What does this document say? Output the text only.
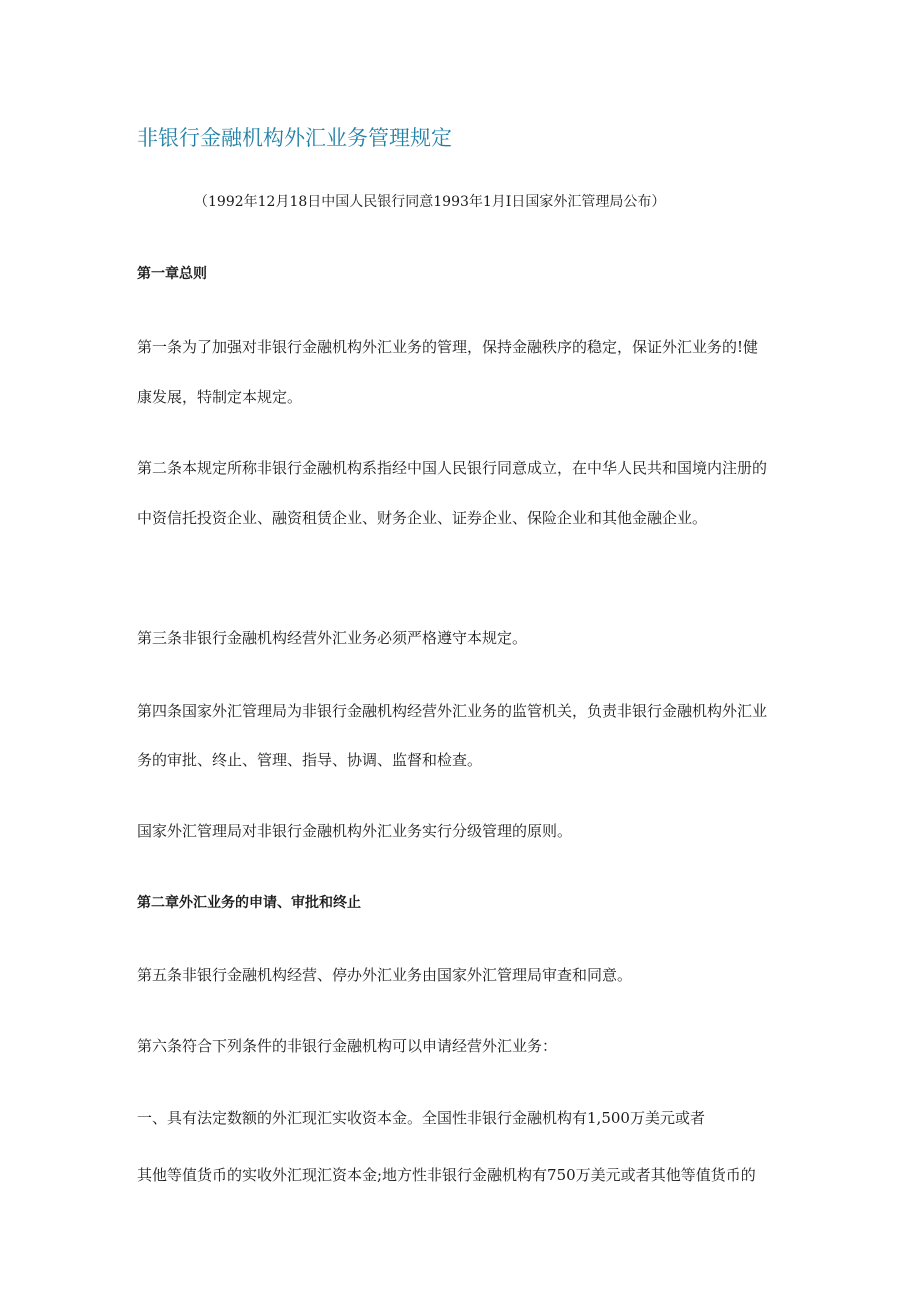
非银行金融机构外汇业务管理规定
（1992年12月18日中国人民银行同意1993年1月I日国家外汇管理局公布）
第一章总则
第一条为了加强对非银行金融机构外汇业务的管理，保持金融秩序的稳定，保证外汇业务的!健
康发展，特制定本规定。
第二条本规定所称非银行金融机构系指经中国人民银行同意成立，在中华人民共和国境内注册的
中资信托投资企业、融资租赁企业、财务企业、证券企业、保险企业和其他金融企业。
第三条非银行金融机构经营外汇业务必须严格遵守本规定。
第四条国家外汇管理局为非银行金融机构经营外汇业务的监管机关，负责非银行金融机构外汇业
务的审批、终止、管理、指导、协调、监督和检查。
国家外汇管理局对非银行金融机构外汇业务实行分级管理的原则。
第二章外汇业务的申请、审批和终止
第五条非银行金融机构经营、停办外汇业务由国家外汇管理局审查和同意。
第六条符合下列条件的非银行金融机构可以申请经营外汇业务：
一、具有法定数额的外汇现汇实收资本金。全国性非银行金融机构有1,500万美元或者
其他等值货币的实收外汇现汇资本金;地方性非银行金融机构有750万美元或者其他等值货币的
